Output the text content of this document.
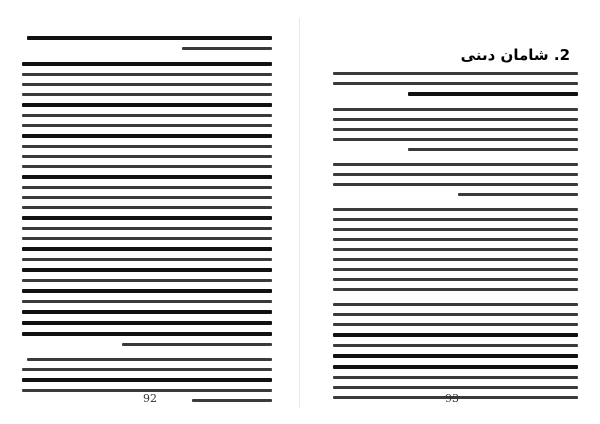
92
2. شامان دىنى
93
